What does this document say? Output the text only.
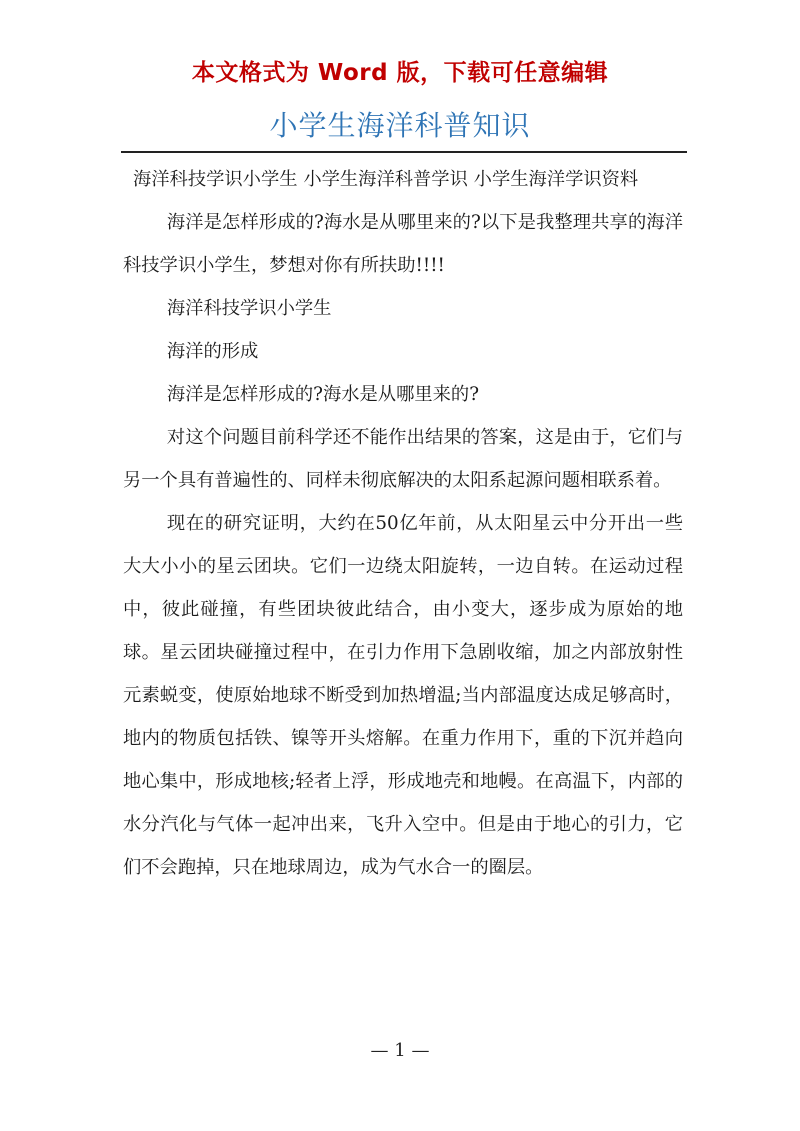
本文格式为 Word 版，下载可任意编辑
小学生海洋科普知识

海洋科技学识小学生 小学生海洋科普学识 小学生海洋学识资料

海洋是怎样形成的?海水是从哪里来的?以下是我整理共享的海洋科技学识小学生，梦想对你有所扶助!!!!

海洋科技学识小学生

海洋的形成

海洋是怎样形成的?海水是从哪里来的?

对这个问题目前科学还不能作出结果的答案，这是由于，它们与另一个具有普遍性的、同样未彻底解决的太阳系起源问题相联系着。

现在的研究证明，大约在50亿年前，从太阳星云中分开出一些大大小小的星云团块。它们一边绕太阳旋转，一边自转。在运动过程中，彼此碰撞，有些团块彼此结合，由小变大，逐步成为原始的地球。星云团块碰撞过程中，在引力作用下急剧收缩，加之内部放射性元素蜕变，使原始地球不断受到加热增温;当内部温度达成足够高时，地内的物质包括铁、镍等开头熔解。在重力作用下，重的下沉并趋向地心集中，形成地核;轻者上浮，形成地壳和地幔。在高温下，内部的水分汽化与气体一起冲出来，飞升入空中。但是由于地心的引力，它们不会跑掉，只在地球周边，成为气水合一的圈层。

— 1 —
